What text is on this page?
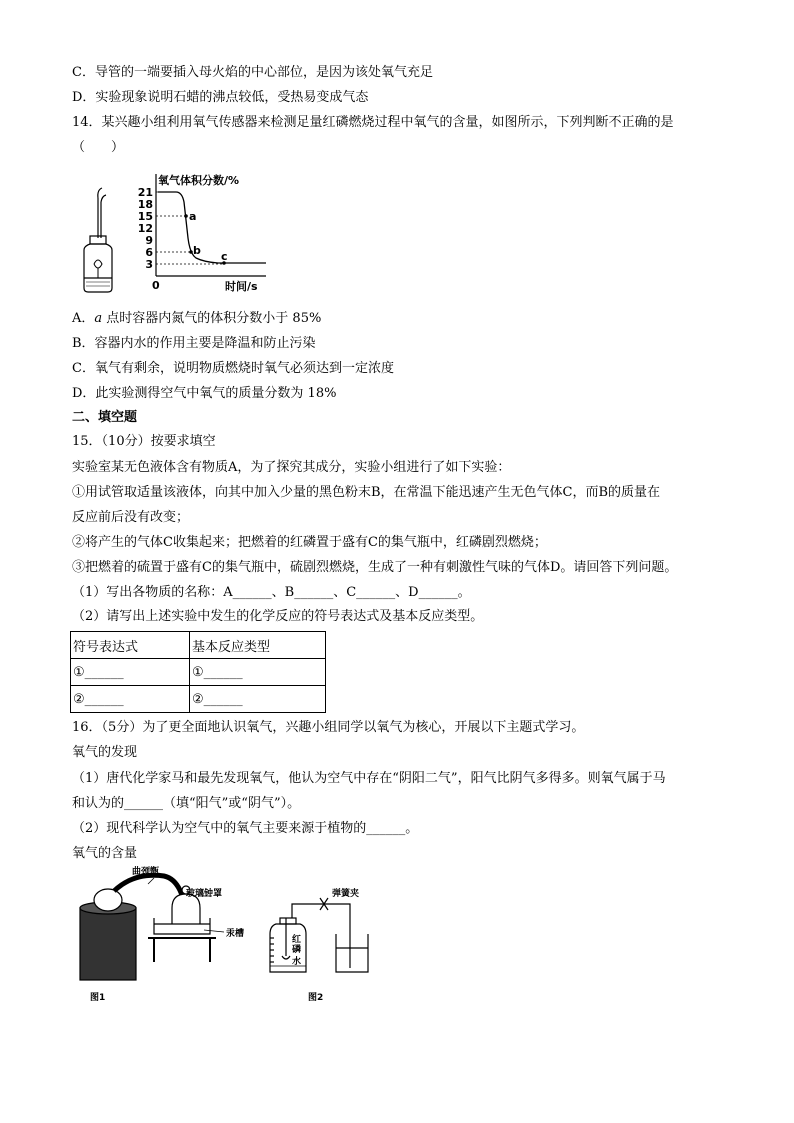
C．导管的一端要插入母火焰的中心部位，是因为该处氧气充足
D．实验现象说明石蜡的沸点较低，受热易变成气态
14．某兴趣小组利用氧气传感器来检测足量红磷燃烧过程中氧气的含量，如图所示，下列判断不正确的是
（　　）
氧气体积分数/%
时间/s
0
21
18
15
12
9
6
3
a
b c
A．a 点时容器内氮气的体积分数小于 85%
B．容器内水的作用主要是降温和防止污染
C．氧气有剩余，说明物质燃烧时氧气必须达到一定浓度
D．此实验测得空气中氧气的质量分数为 18%
二、填空题
15．（10分）按要求填空
实验室某无色液体含有物质A，为了探究其成分，实验小组进行了如下实验：
①用试管取适量该液体，向其中加入少量的黑色粉末B，在常温下能迅速产生无色气体C，而B的质量在
反应前后没有改变；
②将产生的气体C收集起来；把燃着的红磷置于盛有C的集气瓶中，红磷剧烈燃烧；
③把燃着的硫置于盛有C的集气瓶中，硫剧烈燃烧，生成了一种有刺激性气味的气体D。请回答下列问题。
（1）写出各物质的名称：A______、B______、C______、D______。
（2）请写出上述实验中发生的化学反应的符号表达式及基本反应类型。
符号表达式	基本反应类型
①______	①______
②______	②______
16．（5分）为了更全面地认识氧气，兴趣小组同学以氧气为核心，开展以下主题式学习。
氧气的发现
（1）唐代化学家马和最先发现氧气，他认为空气中存在“阴阳二气”，阳气比阴气多得多。则氧气属于马
和认为的______（填“阳气”或“阴气”）。
（2）现代科学认为空气中的氧气主要来源于植物的______。
氧气的含量
曲颈甑
玻璃钟罩
汞槽
图1
弹簧夹
红
磷
水
图2
